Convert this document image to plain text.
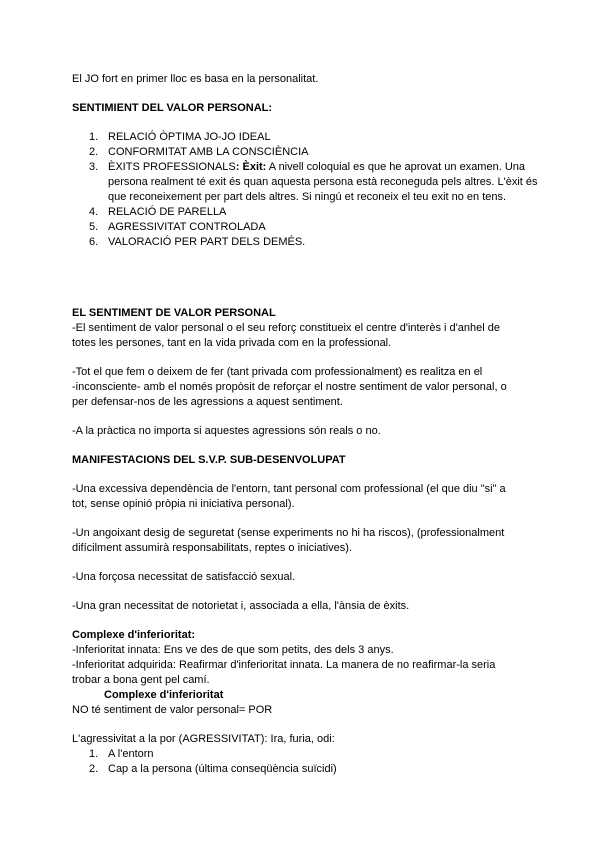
El JO fort en primer lloc es basa en la personalitat.
SENTIMIENT DEL VALOR PERSONAL:
1. RELACIÓ ÒPTIMA JO-JO IDEAL
2. CONFORMITAT AMB LA CONSCIÈNCIA
3. ÈXITS PROFESSIONALS: Èxit: A nivell coloquial es que he aprovat un examen. Una persona realment té exit és quan aquesta persona està reconeguda pels altres. L'èxit és que reconeixement per part dels altres. Si ningú et reconeix el teu exit no en tens.
4. RELACIÓ DE PARELLA
5. AGRESSIVITAT CONTROLADA
6. VALORACIÓ PER PART DELS DEMÉS.
EL SENTIMENT DE VALOR PERSONAL
-El sentiment de valor personal o el seu reforç constitueix el centre d'interès i d'anhel de
totes les persones, tant en la vida privada com en la professional.
-Tot el que fem o deixem de fer (tant privada com professionalment) es realitza en el
-inconsciente- amb el només propòsit de reforçar el nostre sentiment de valor personal, o
per defensar-nos de les agressions a aquest sentiment.
-A la pràctica no importa si aquestes agressions són reals o no.
MANIFESTACIONS DEL S.V.P. SUB-DESENVOLUPAT
-Una excessiva dependència de l'entorn, tant personal com professional (el que diu "si" a
tot, sense opinió pròpia ni iniciativa personal).
-Un angoixant desig de seguretat (sense experiments no hi ha riscos), (professionalment
difícilment assumirà responsabilitats, reptes o iniciatives).
-Una forçosa necessitat de satisfacció sexual.
-Una gran necessitat de notorietat i, associada a ella, l'ànsia de èxits.
Complexe d'inferioritat:
-Inferioritat innata: Ens ve des de que som petits, des dels 3 anys.
-Inferioritat adquirida: Reafirmar d'inferioritat innata. La manera de no reafirmar-la seria
trobar a bona gent pel camí.
Complexe d'inferioritat
NO té sentiment de valor personal= POR
L'agressivitat a la por (AGRESSIVITAT): Ira, furia, odi:
1. A l'entorn
2. Cap a la persona (última conseqüència suïcidi)
